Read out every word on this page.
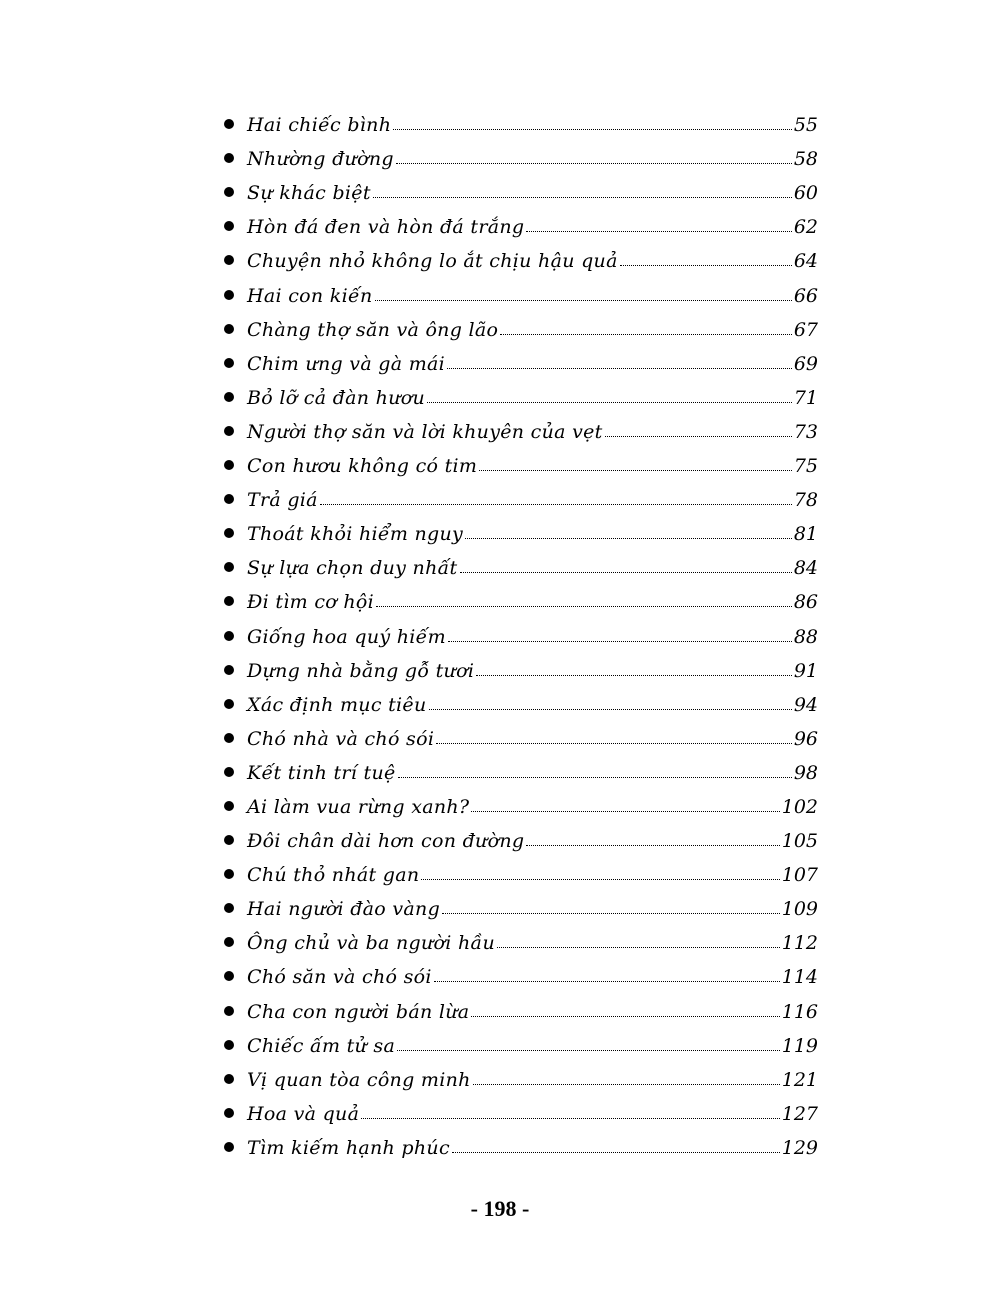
Hai chiếc bình	55
Nhường đường	58
Sự khác biệt	60
Hòn đá đen và hòn đá trắng	62
Chuyện nhỏ không lo ắt chịu hậu quả	64
Hai con kiến	66
Chàng thợ săn và ông lão	67
Chim ưng và gà mái	69
Bỏ lỡ cả đàn hươu	71
Người thợ săn và lời khuyên của vẹt	73
Con hươu không có tim	75
Trả giá	78
Thoát khỏi hiểm nguy	81
Sự lựa chọn duy nhất	84
Đi tìm cơ hội	86
Giống hoa quý hiếm	88
Dựng nhà bằng gỗ tươi	91
Xác định mục tiêu	94
Chó nhà và chó sói	96
Kết tinh trí tuệ	98
Ai làm vua rừng xanh?	102
Đôi chân dài hơn con đường	105
Chú thỏ nhát gan	107
Hai người đào vàng	109
Ông chủ và ba người hầu	112
Chó săn và chó sói	114
Cha con người bán lừa	116
Chiếc ấm tử sa	119
Vị quan tòa công minh	121
Hoa và quả	127
Tìm kiếm hạnh phúc	129
- 198 -
